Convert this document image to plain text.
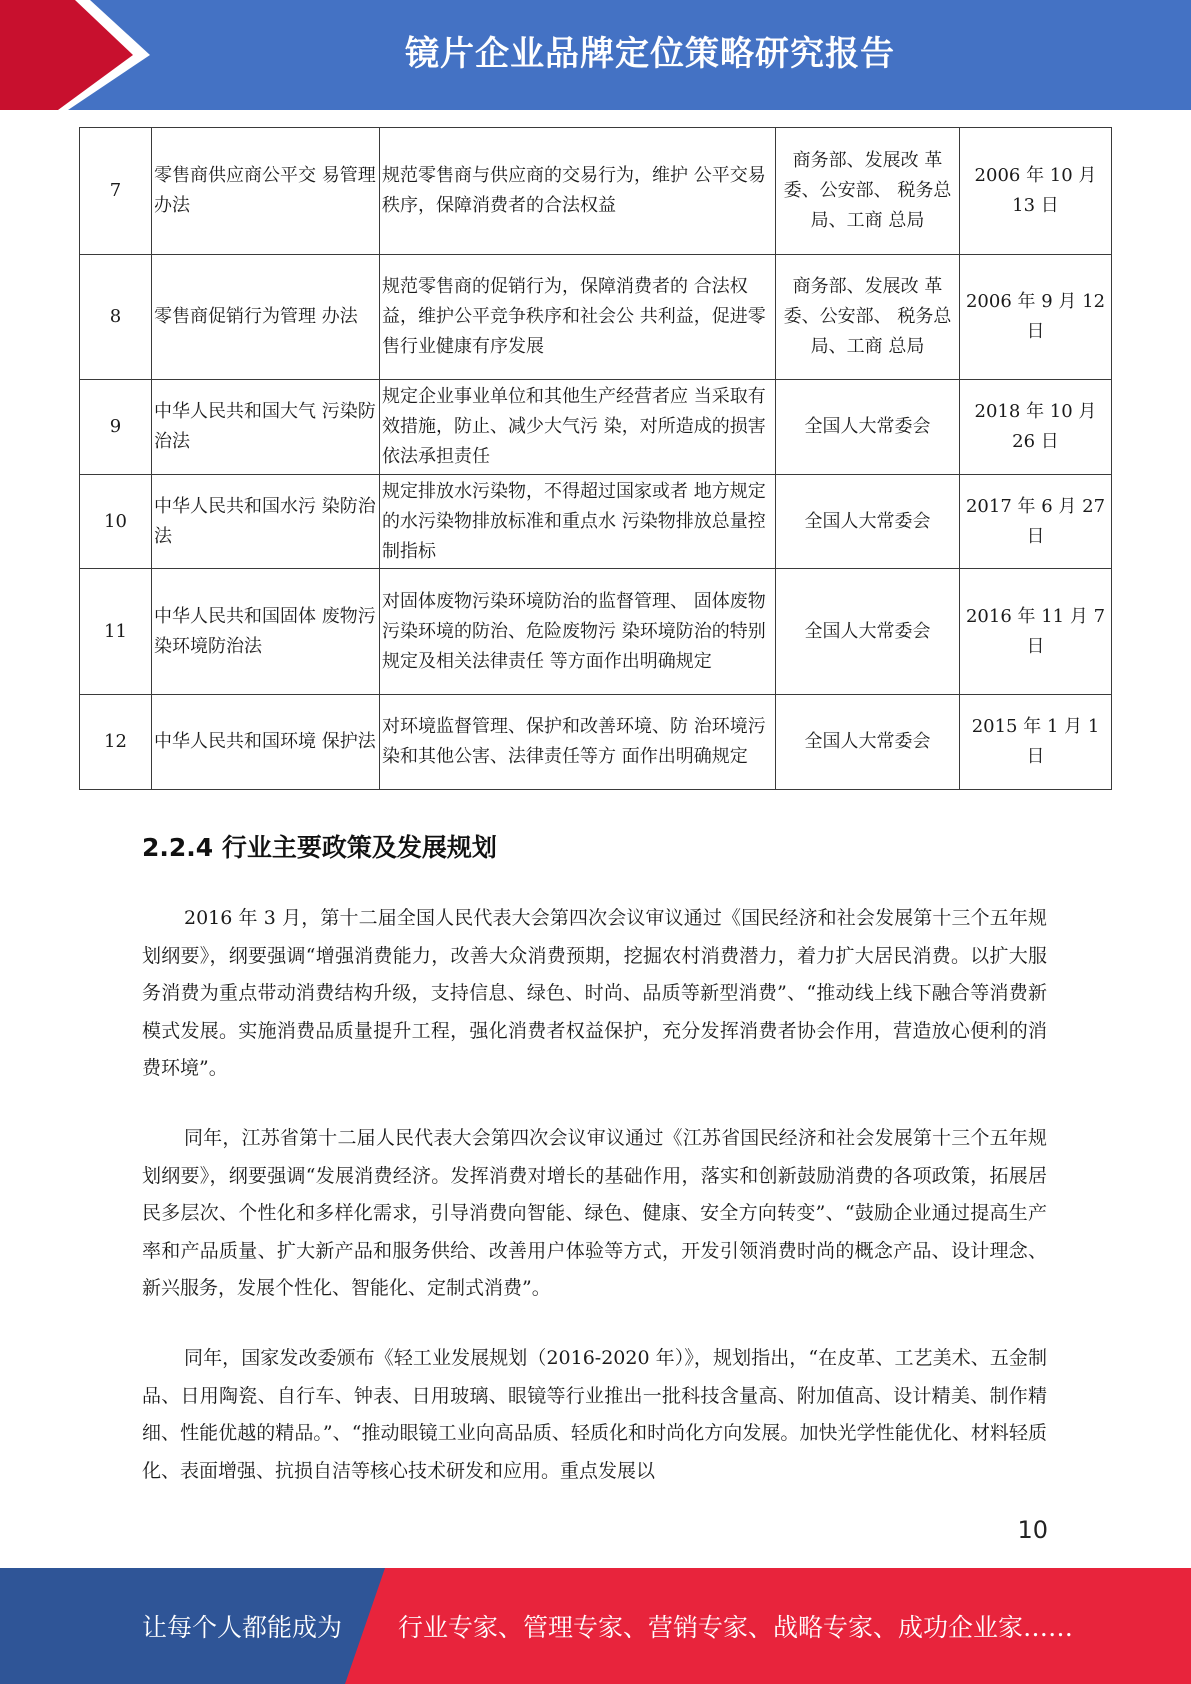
镜片企业品牌定位策略研究报告
7	零售商供应商公平交 易管理办法	规范零售商与供应商的交易行为，维护 公平交易秩序，保障消费者的合法权益	商务部、发展改 革委、公安部、 税务总局、工商 总局	2006 年 10 月 13 日
8	零售商促销行为管理 办法	规范零售商的促销行为，保障消费者的 合法权益，维护公平竞争秩序和社会公 共利益，促进零售行业健康有序发展	商务部、发展改 革委、公安部、 税务总局、工商 总局	2006 年 9 月 12 日
9	中华人民共和国大气 污染防治法	规定企业事业单位和其他生产经营者应 当采取有效措施，防止、减少大气污 染，对所造成的损害依法承担责任	全国人大常委会	2018 年 10 月 26 日
10	中华人民共和国水污 染防治法	规定排放水污染物，不得超过国家或者 地方规定的水污染物排放标准和重点水 污染物排放总量控制指标	全国人大常委会	2017 年 6 月 27 日
11	中华人民共和国固体 废物污染环境防治法	对固体废物污染环境防治的监督管理、 固体废物污染环境的防治、危险废物污 染环境防治的特别规定及相关法律责任 等方面作出明确规定	全国人大常委会	2016 年 11 月 7 日
12	中华人民共和国环境 保护法	对环境监督管理、保护和改善环境、防 治环境污染和其他公害、法律责任等方 面作出明确规定	全国人大常委会	2015 年 1 月 1 日
2.2.4 行业主要政策及发展规划

2016 年 3 月，第十二届全国人民代表大会第四次会议审议通过《国民经济和社会发展第十三个五年规划纲要》，纲要强调“增强消费能力，改善大众消费预期，挖掘农村消费潜力，着力扩大居民消费。以扩大服务消费为重点带动消费结构升级，支持信息、绿色、时尚、品质等新型消费”、“推动线上线下融合等消费新模式发展。实施消费品质量提升工程，强化消费者权益保护，充分发挥消费者协会作用，营造放心便利的消费环境”。

同年，江苏省第十二届人民代表大会第四次会议审议通过《江苏省国民经济和社会发展第十三个五年规划纲要》，纲要强调“发展消费经济。发挥消费对增长的基础作用，落实和创新鼓励消费的各项政策，拓展居民多层次、个性化和多样化需求，引导消费向智能、绿色、健康、安全方向转变”、“鼓励企业通过提高生产率和产品质量、扩大新产品和服务供给、改善用户体验等方式，开发引领消费时尚的概念产品、设计理念、新兴服务，发展个性化、智能化、定制式消费”。

同年，国家发改委颁布《轻工业发展规划（2016-2020 年）》，规划指出，“在皮革、工艺美术、五金制品、日用陶瓷、自行车、钟表、日用玻璃、眼镜等行业推出一批科技含量高、附加值高、设计精美、制作精细、性能优越的精品。”、“推动眼镜工业向高品质、轻质化和时尚化方向发展。加快光学性能优化、材料轻质化、表面增强、抗损自洁等核心技术研发和应用。重点发展以

10
让每个人都能成为 行业专家、管理专家、营销专家、战略专家、成功企业家……
